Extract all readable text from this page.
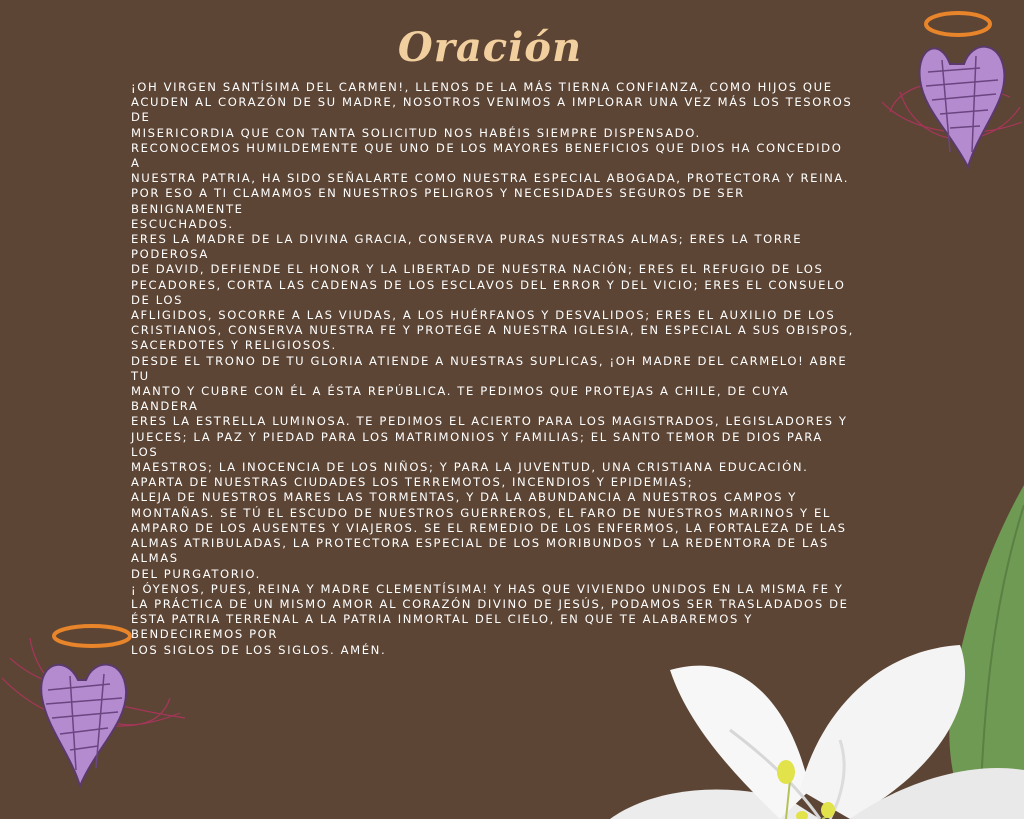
Oración
¡OH VIRGEN SANTÍSIMA DEL CARMEN!, LLENOS DE LA MÁS TIERNA CONFIANZA, COMO HIJOS QUE
ACUDEN AL CORAZÓN DE SU MADRE, NOSOTROS VENIMOS A IMPLORAR UNA VEZ MÁS LOS TESOROS
DE
MISERICORDIA QUE CON TANTA SOLICITUD NOS HABÉIS SIEMPRE DISPENSADO.
RECONOCEMOS HUMILDEMENTE QUE UNO DE LOS MAYORES BENEFICIOS QUE DIOS HA CONCEDIDO
A
NUESTRA PATRIA, HA SIDO SEÑALARTE COMO NUESTRA ESPECIAL ABOGADA, PROTECTORA Y REINA.
POR ESO A TI CLAMAMOS EN NUESTROS PELIGROS Y NECESIDADES SEGUROS DE SER
BENIGNAMENTE
ESCUCHADOS.
ERES LA MADRE DE LA DIVINA GRACIA, CONSERVA PURAS NUESTRAS ALMAS; ERES LA TORRE
PODEROSA
DE DAVID, DEFIENDE EL HONOR Y LA LIBERTAD DE NUESTRA NACIÓN; ERES EL REFUGIO DE LOS
PECADORES, CORTA LAS CADENAS DE LOS ESCLAVOS DEL ERROR Y DEL VICIO; ERES EL CONSUELO
DE LOS
AFLIGIDOS, SOCORRE A LAS VIUDAS, A LOS HUÉRFANOS Y DESVALIDOS; ERES EL AUXILIO DE LOS
CRISTIANOS, CONSERVA NUESTRA FE Y PROTEGE A NUESTRA IGLESIA, EN ESPECIAL A SUS OBISPOS,
SACERDOTES Y RELIGIOSOS.
DESDE EL TRONO DE TU GLORIA ATIENDE A NUESTRAS SUPLICAS, ¡OH MADRE DEL CARMELO! ABRE
TU
MANTO Y CUBRE CON ÉL A ÉSTA REPÚBLICA. TE PEDIMOS QUE PROTEJAS A CHILE, DE CUYA
BANDERA
ERES LA ESTRELLA LUMINOSA. TE PEDIMOS EL ACIERTO PARA LOS MAGISTRADOS, LEGISLADORES Y
JUECES; LA PAZ Y PIEDAD PARA LOS MATRIMONIOS Y FAMILIAS; EL SANTO TEMOR DE DIOS PARA
LOS
MAESTROS; LA INOCENCIA DE LOS NIÑOS; Y PARA LA JUVENTUD, UNA CRISTIANA EDUCACIÓN.
APARTA DE NUESTRAS CIUDADES LOS TERREMOTOS, INCENDIOS Y EPIDEMIAS;
ALEJA DE NUESTROS MARES LAS TORMENTAS, Y DA LA ABUNDANCIA A NUESTROS CAMPOS Y
MONTAÑAS. SE TÚ EL ESCUDO DE NUESTROS GUERREROS, EL FARO DE NUESTROS MARINOS Y EL
AMPARO DE LOS AUSENTES Y VIAJEROS. SE EL REMEDIO DE LOS ENFERMOS, LA FORTALEZA DE LAS
ALMAS ATRIBULADAS, LA PROTECTORA ESPECIAL DE LOS MORIBUNDOS Y LA REDENTORA DE LAS
ALMAS
DEL PURGATORIO.
¡ ÓYENOS, PUES, REINA Y MADRE CLEMENTÍSIMA! Y HAS QUE VIVIENDO UNIDOS EN LA MISMA FE Y
LA PRÁCTICA DE UN MISMO AMOR AL CORAZÓN DIVINO DE JESÚS, PODAMOS SER TRASLADADOS DE
ÉSTA PATRIA TERRENAL A LA PATRIA INMORTAL DEL CIELO, EN QUE TE ALABAREMOS Y
BENDECIREMOS POR
LOS SIGLOS DE LOS SIGLOS. AMÉN.
